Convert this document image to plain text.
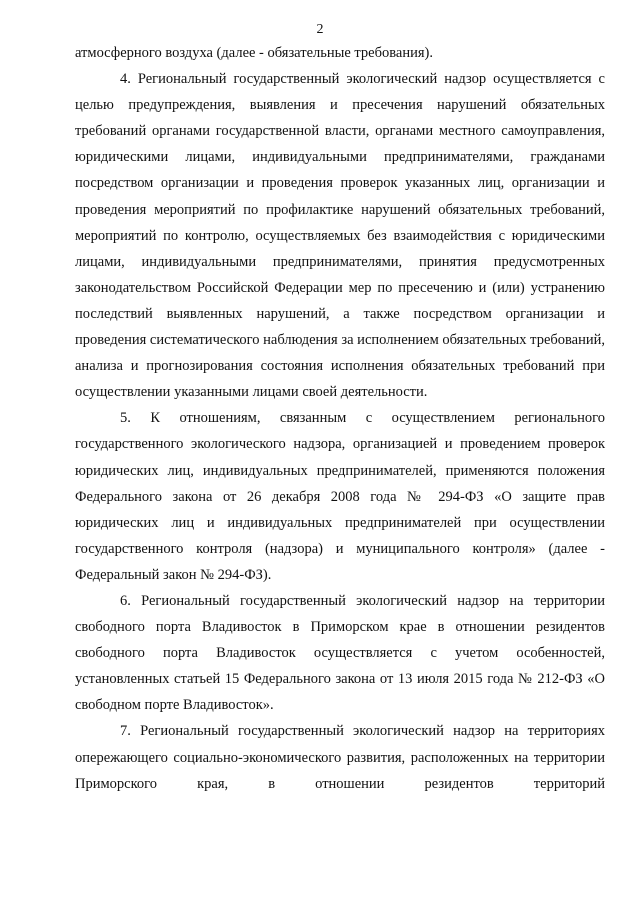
2

атмосферного воздуха (далее - обязательные требования).

4. Региональный государственный экологический надзор осуществляется с целью предупреждения, выявления и пресечения нарушений обязательных требований органами государственной власти, органами местного самоуправления, юридическими лицами, индивидуальными предпринимателями, гражданами посредством организации и проведения проверок указанных лиц, организации и проведения мероприятий по профилактике нарушений обязательных требований, мероприятий по контролю, осуществляемых без взаимодействия с юридическими лицами, индивидуальными предпринимателями, принятия предусмотренных законодательством Российской Федерации мер по пресечению и (или) устранению последствий выявленных нарушений, а также посредством организации и проведения систематического наблюдения за исполнением обязательных требований, анализа и прогнозирования состояния исполнения обязательных требований при осуществлении указанными лицами своей деятельности.

5. К отношениям, связанным с осуществлением регионального государственного экологического надзора, организацией и проведением проверок юридических лиц, индивидуальных предпринимателей, применяются положения Федерального закона от 26 декабря 2008 года № 294-ФЗ «О защите прав юридических лиц и индивидуальных предпринимателей при осуществлении государственного контроля (надзора) и муниципального контроля» (далее - Федеральный закон № 294-ФЗ).

6. Региональный государственный экологический надзор на территории свободного порта Владивосток в Приморском крае в отношении резидентов свободного порта Владивосток осуществляется с учетом особенностей, установленных статьей 15 Федерального закона от 13 июля 2015 года № 212-ФЗ «О свободном порте Владивосток».

7. Региональный государственный экологический надзор на территориях опережающего социально-экономического развития, расположенных на территории Приморского края, в отношении резидентов территорий
